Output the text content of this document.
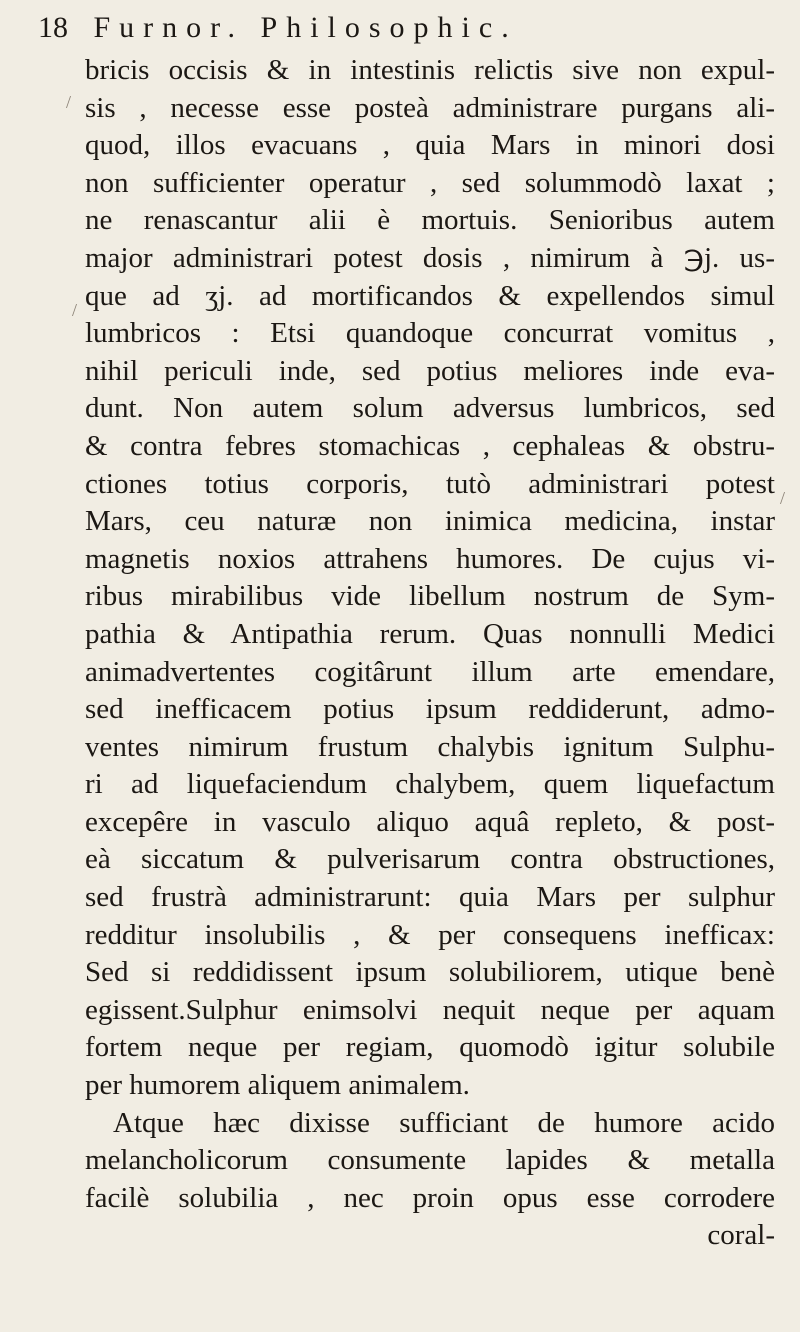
18 Furnor. Philosophic.
bricis occisis & in intestinis relictis sive non expul-
sis , necesse esse posteà administrare purgans ali-
quod, illos evacuans , quia Mars in minori dosi
non sufficienter operatur , sed solummodò laxat ;
ne renascantur alii è mortuis. Senioribus autem
major administrari potest dosis , nimirum à ℈j. us-
que ad ʒj. ad mortificandos & expellendos simul
lumbricos : Etsi quandoque concurrat vomitus ,
nihil periculi inde, sed potius meliores inde eva-
dunt. Non autem solum adversus lumbricos, sed
& contra febres stomachicas , cephaleas & obstru-
ctiones totius corporis, tutò administrari potest
Mars, ceu naturæ non inimica medicina, instar
magnetis noxios attrahens humores. De cujus vi-
ribus mirabilibus vide libellum nostrum de Sym-
pathia & Antipathia rerum. Quas nonnulli Medici
animadvertentes cogitârunt illum arte emendare,
sed inefficacem potius ipsum reddiderunt, admo-
ventes nimirum frustum chalybis ignitum Sulphu-
ri ad liquefaciendum chalybem, quem liquefactum
excepêre in vasculo aliquo aquâ repleto, & post-
eà siccatum & pulverisarum contra obstructiones,
sed frustrà administrarunt: quia Mars per sulphur
redditur insolubilis , & per consequens inefficax:
Sed si reddidissent ipsum solubiliorem, utique benè
egissent.Sulphur enimsolvi nequit neque per aquam
fortem neque per regiam, quomodò igitur solubile
per humorem aliquem animalem.
Atque hæc dixisse sufficiant de humore acido
melancholicorum consumente lapides & metalla
facilè solubilia , nec proin opus esse corrodere
coral-
/
/
/
